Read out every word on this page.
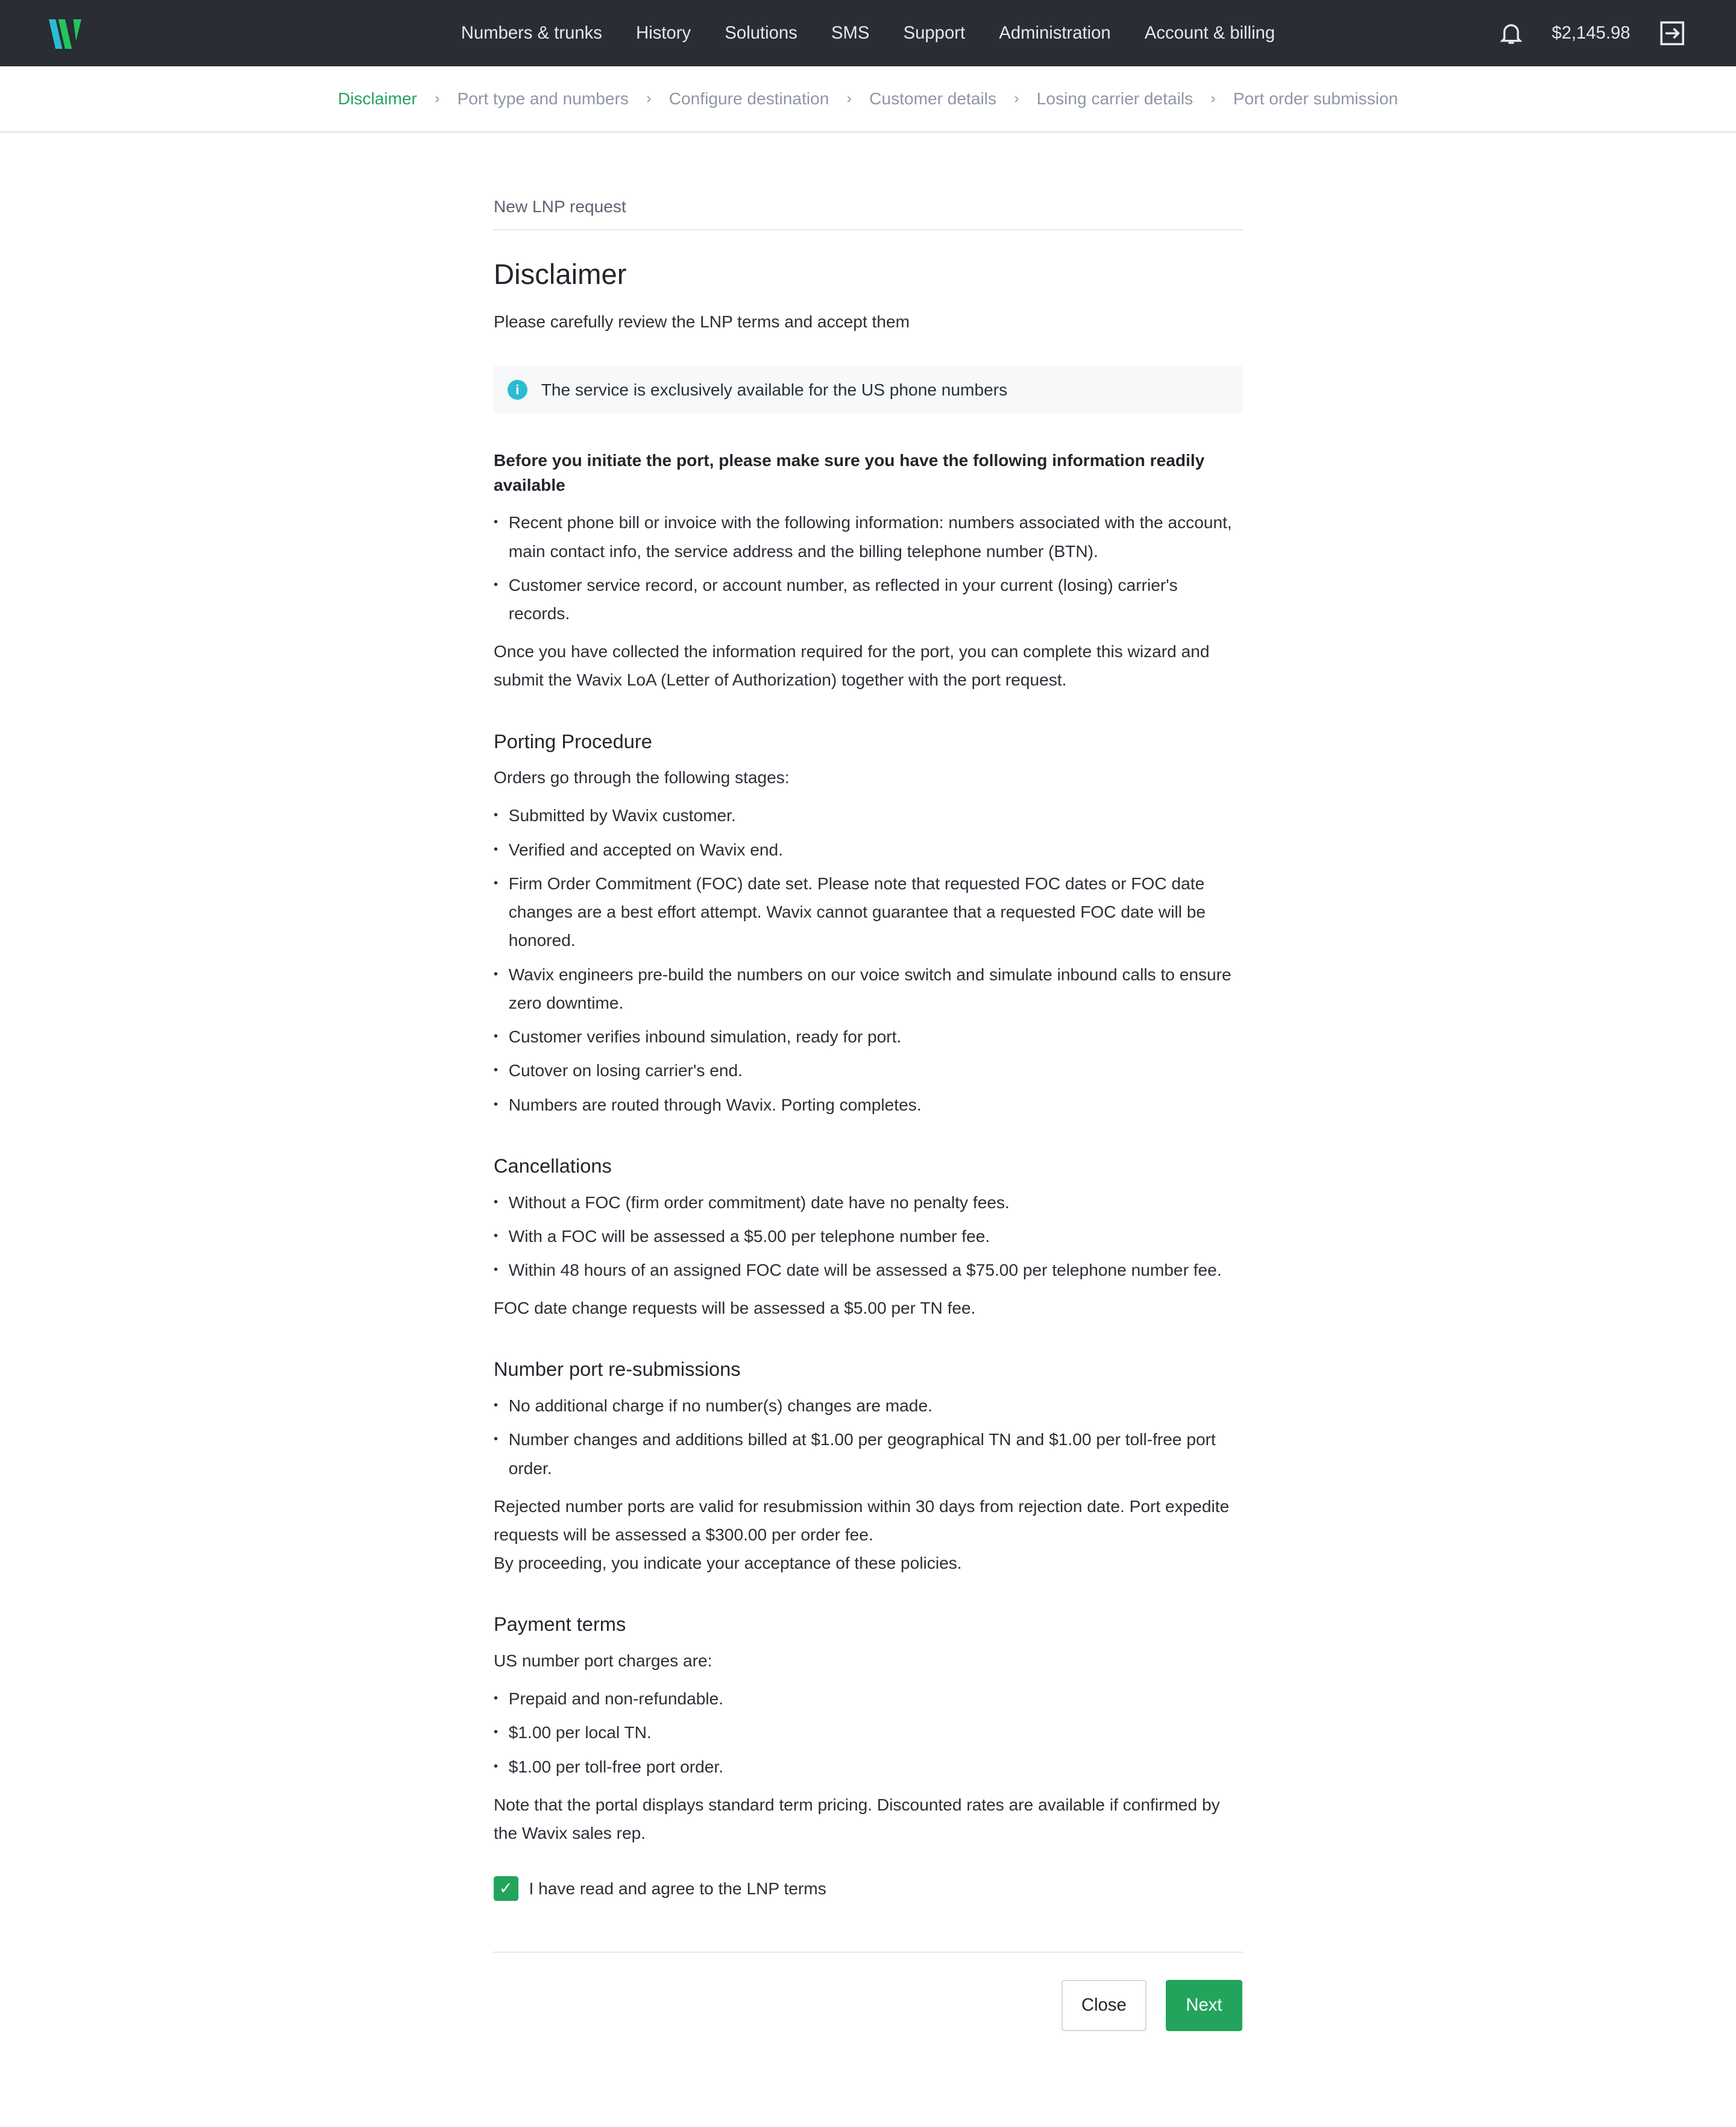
Numbers & trunks	History	Solutions	SMS	Support	Administration	Account & billing	$2,145.98
Disclaimer	› Port type and numbers	› Configure destination	› Customer details	› Losing carrier details	› Port order submission
New LNP request
Disclaimer

Please carefully review the LNP terms and accept them

i	The service is exclusively available for the US phone numbers

Before you initiate the port, please make sure you have the following information readily available

• Recent phone bill or invoice with the following information: numbers associated with the account, main contact info, the service address and the billing telephone number (BTN).
• Customer service record, or account number, as reflected in your current (losing) carrier's records.

Once you have collected the information required for the port, you can complete this wizard and submit the Wavix LoA (Letter of Authorization) together with the port request.

Porting Procedure

Orders go through the following stages:

• Submitted by Wavix customer.
• Verified and accepted on Wavix end.
• Firm Order Commitment (FOC) date set. Please note that requested FOC dates or FOC date changes are a best effort attempt. Wavix cannot guarantee that a requested FOC date will be honored.
• Wavix engineers pre-build the numbers on our voice switch and simulate inbound calls to ensure zero downtime.
• Customer verifies inbound simulation, ready for port.
• Cutover on losing carrier's end.
• Numbers are routed through Wavix. Porting completes.
Cancellations
• Without a FOC (firm order commitment) date have no penalty fees.
• With a FOC will be assessed a $5.00 per telephone number fee.
• Within 48 hours of an assigned FOC date will be assessed a $75.00 per telephone number fee.

FOC date change requests will be assessed a $5.00 per TN fee.

Number port re-submissions
• No additional charge if no number(s) changes are made.
• Number changes and additions billed at $1.00 per geographical TN and $1.00 per toll-free port order.

Rejected number ports are valid for resubmission within 30 days from rejection date. Port expedite requests will be assessed a $300.00 per order fee.

By proceeding, you indicate your acceptance of these policies.

Payment terms

US number port charges are:

• Prepaid and non-refundable.
• $1.00 per local TN.
• $1.00 per toll-free port order.

Note that the portal displays standard term pricing. Discounted rates are available if confirmed by the Wavix sales rep.

✓	I have read and agree to the LNP terms
Close	Next
